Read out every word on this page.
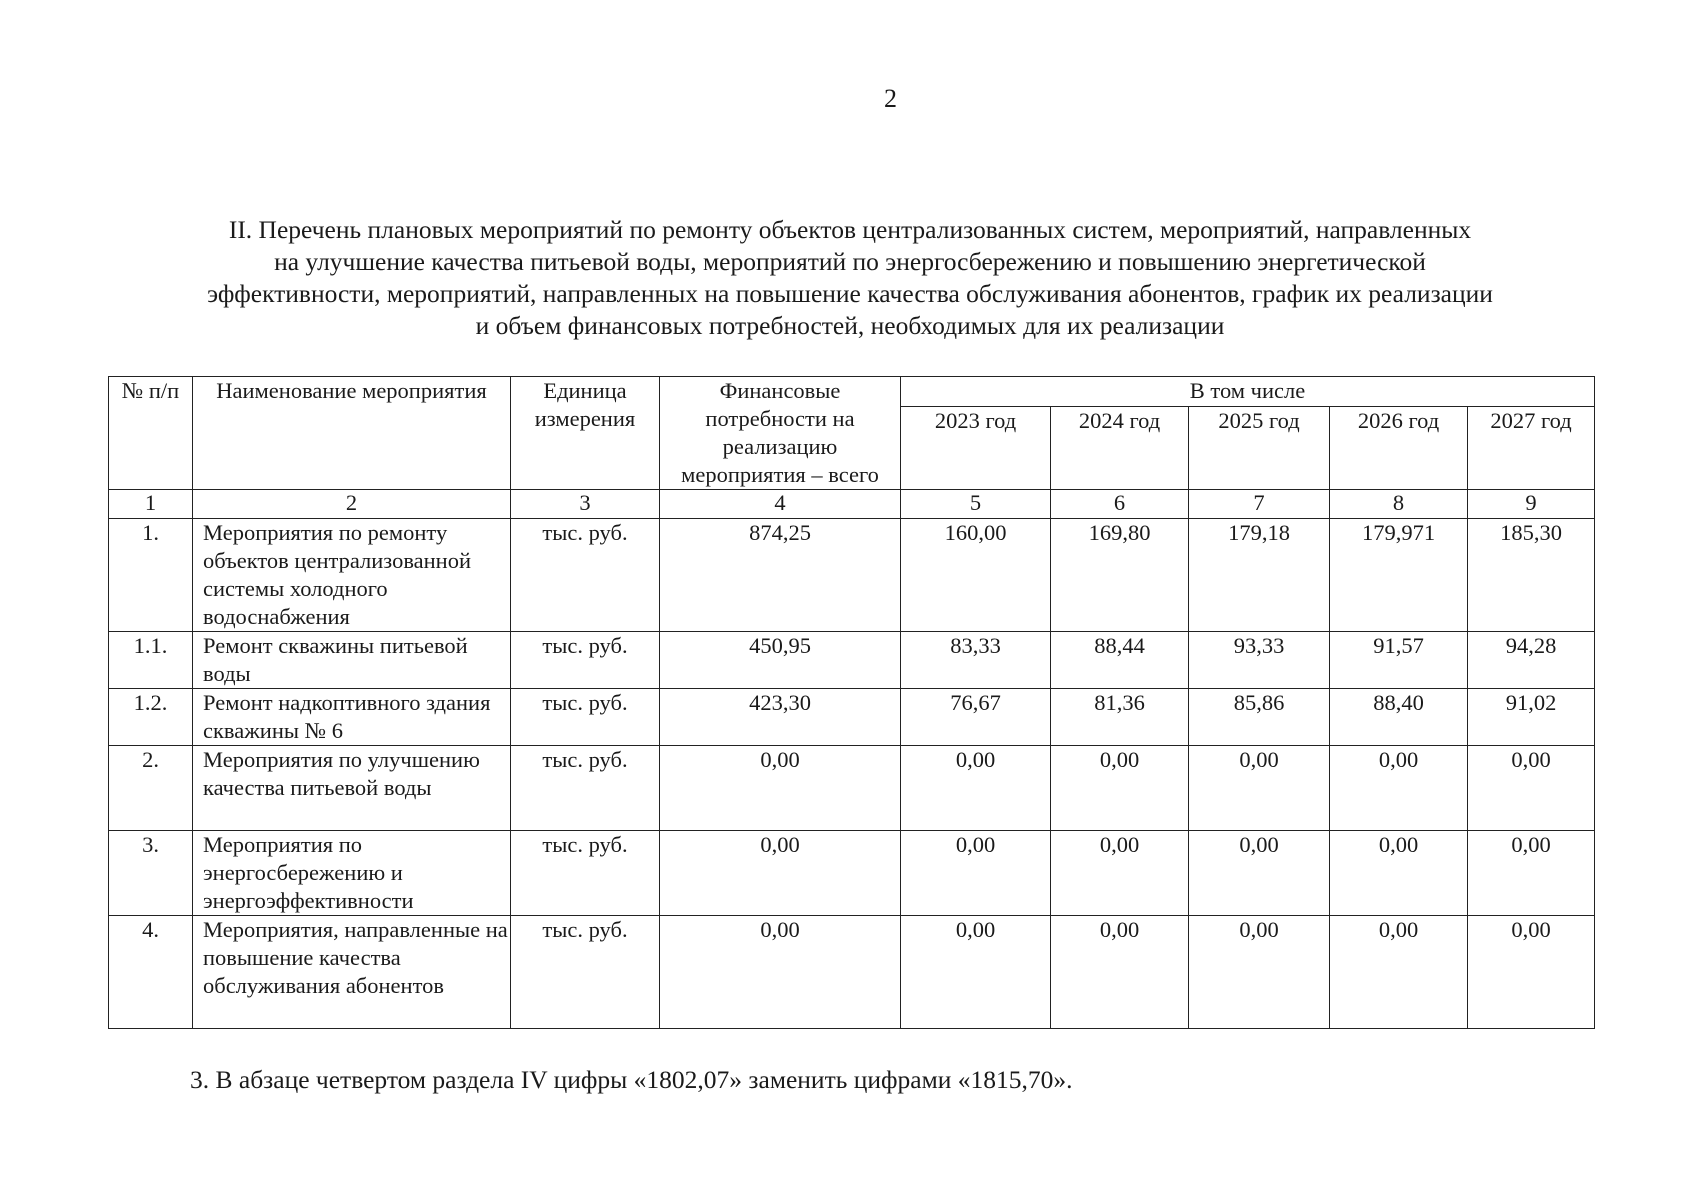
2
II. Перечень плановых мероприятий по ремонту объектов централизованных систем, мероприятий, направленных
на улучшение качества питьевой воды, мероприятий по энергосбережению и повышению энергетической
эффективности, мероприятий, направленных на повышение качества обслуживания абонентов, график их реализации
и объем финансовых потребностей, необходимых для их реализации
№ п/п	Наименование мероприятия	Единица измерения	Финансовые потребности на реализацию мероприятия – всего	В том числе				
				2023 год	2024 год	2025 год	2026 год	2027 год
1	2	3	4	5	6	7	8	9
1.	Мероприятия по ремонту объектов централизованной системы холодного водоснабжения	тыс. руб.	874,25	160,00	169,80	179,18	179,971	185,30
1.1.	Ремонт скважины питьевой воды	тыс. руб.	450,95	83,33	88,44	93,33	91,57	94,28
1.2.	Ремонт надкоптивного здания скважины № 6	тыс. руб.	423,30	76,67	81,36	85,86	88,40	91,02
2.	Мероприятия по улучшению качества питьевой воды	тыс. руб.	0,00	0,00	0,00	0,00	0,00	0,00
3.	Мероприятия по энергосбережению и энергоэффективности	тыс. руб.	0,00	0,00	0,00	0,00	0,00	0,00
4.	Мероприятия, направленные на повышение качества обслуживания абонентов	тыс. руб.	0,00	0,00	0,00	0,00	0,00	0,00
3. В абзаце четвертом раздела IV цифры «1802,07» заменить цифрами «1815,70».
